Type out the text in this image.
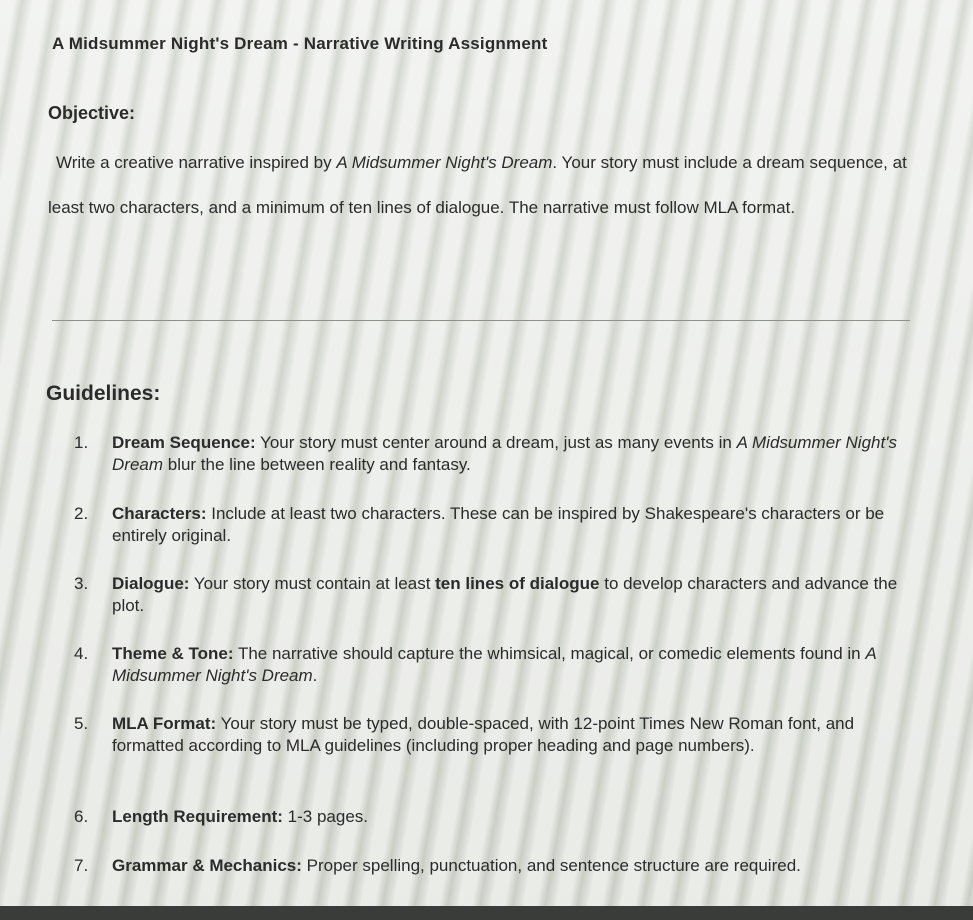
A Midsummer Night's Dream - Narrative Writing Assignment
Objective:

Write a creative narrative inspired by A Midsummer Night's Dream. Your story must include a dream sequence, at least two characters, and a minimum of ten lines of dialogue. The narrative must follow MLA format.

Guidelines:
1.	Dream Sequence: Your story must center around a dream, just as many events in A Midsummer Night's Dream blur the line between reality and fantasy.
2.	Characters: Include at least two characters. These can be inspired by Shakespeare's characters or be entirely original.
3.	Dialogue: Your story must contain at least ten lines of dialogue to develop characters and advance the plot.
4.	Theme & Tone: The narrative should capture the whimsical, magical, or comedic elements found in A Midsummer Night's Dream.
5.	MLA Format: Your story must be typed, double-spaced, with 12-point Times New Roman font, and formatted according to MLA guidelines (including proper heading and page numbers).
6.	Length Requirement: 1-3 pages.
7.	Grammar & Mechanics: Proper spelling, punctuation, and sentence structure are required.
